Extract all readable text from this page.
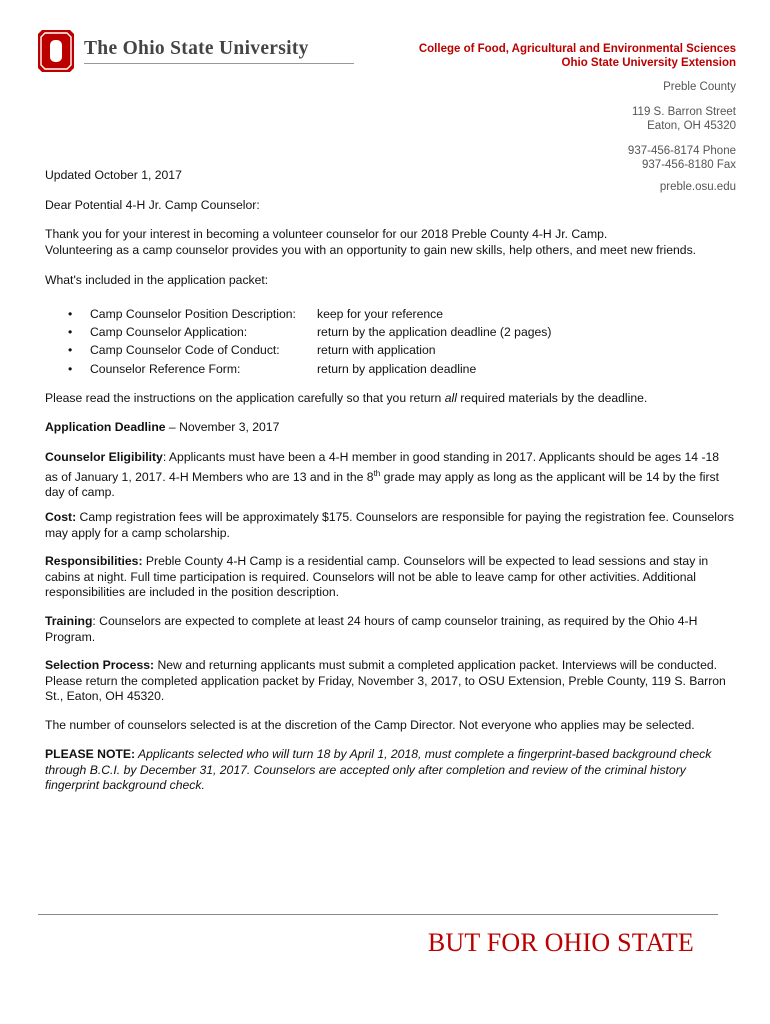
The Ohio State University	College of Food, Agricultural and Environmental Sciences
Ohio State University Extension
Preble County
119 S. Barron Street
Eaton, OH 45320
937-456-8174 Phone
937-456-8180 Fax
preble.osu.edu
Updated October 1, 2017
Dear Potential 4-H Jr. Camp Counselor:

Thank you for your interest in becoming a volunteer counselor for our 2018 Preble County 4-H Jr. Camp.

Volunteering as a camp counselor provides you with an opportunity to gain new skills, help others, and meet new friends.

What's included in the application packet:
•	Camp Counselor Position Description:	keep for your reference
•	Camp Counselor Application:	return by the application deadline (2 pages)
•	Camp Counselor Code of Conduct:	return with application
•	Counselor Reference Form:	return by application deadline
Please read the instructions on the application carefully so that you return all required materials by the deadline.
Application Deadline – November 3, 2017
Counselor Eligibility: Applicants must have been a 4-H member in good standing in 2017. Applicants should be ages 14 -18 as of January 1, 2017. 4-H Members who are 13 and in the 8th grade may apply as long as the applicant will be 14 by the first day of camp.
Cost: Camp registration fees will be approximately $175. Counselors are responsible for paying the registration fee. Counselors may apply for a camp scholarship.
Responsibilities: Preble County 4-H Camp is a residential camp. Counselors will be expected to lead sessions and stay in cabins at night. Full time participation is required. Counselors will not be able to leave camp for other activities. Additional responsibilities are included in the position description.
Training: Counselors are expected to complete at least 24 hours of camp counselor training, as required by the Ohio 4-H Program.
Selection Process: New and returning applicants must submit a completed application packet. Interviews will be conducted. Please return the completed application packet by Friday, November 3, 2017, to OSU Extension, Preble County, 119 S. Barron St., Eaton, OH 45320.
The number of counselors selected is at the discretion of the Camp Director. Not everyone who applies may be selected.
PLEASE NOTE: Applicants selected who will turn 18 by April 1, 2018, must complete a fingerprint-based background check through B.C.I. by December 31, 2017. Counselors are accepted only after completion and review of the criminal history fingerprint background check.
BUT FOR OHIO STATE
